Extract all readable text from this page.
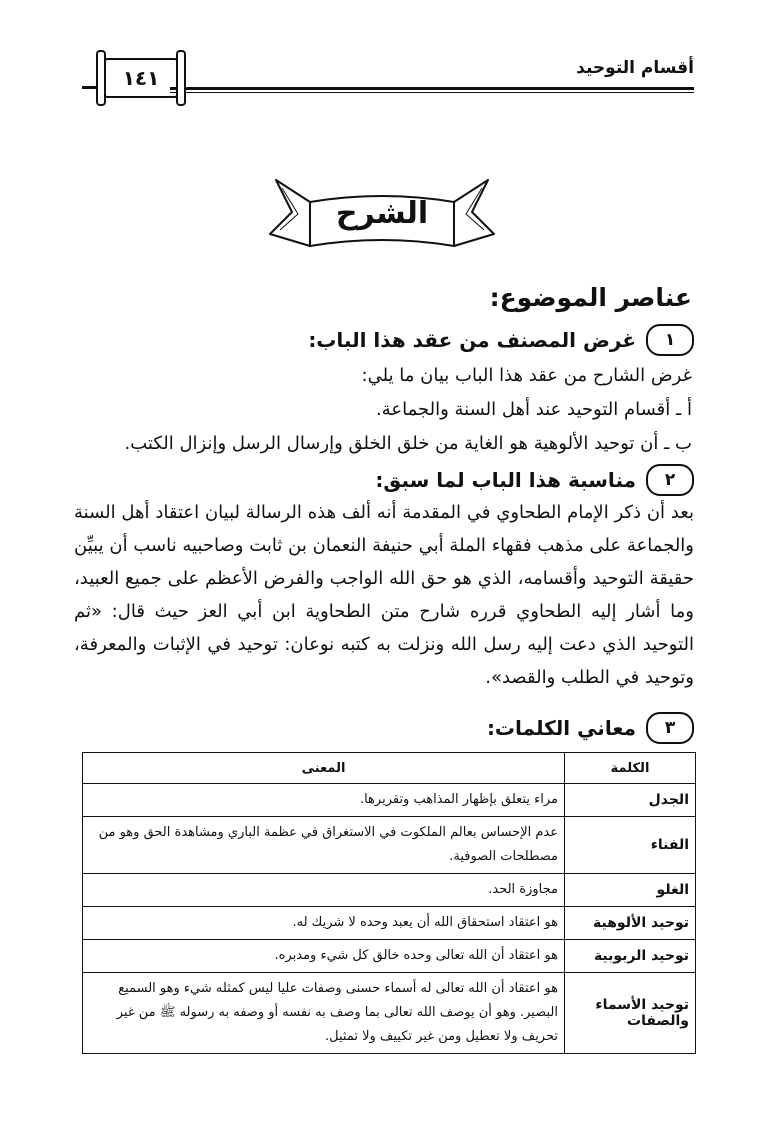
أقسام التوحيد
١٤١
الشرح
عناصر الموضوع:
١
غرض المصنف من عقد هذا الباب:
غرض الشارح من عقد هذا الباب بيان ما يلي:
أ ـ أقسام التوحيد عند أهل السنة والجماعة.
ب ـ أن توحيد الألوهية هو الغاية من خلق الخلق وإرسال الرسل وإنزال الكتب.
٢
مناسبة هذا الباب لما سبق:
بعد أن ذكر الإمام الطحاوي في المقدمة أنه ألف هذه الرسالة لبيان اعتقاد أهل السنة والجماعة على مذهب فقهاء الملة أبي حنيفة النعمان بن ثابت وصاحبيه ناسب أن يبيِّن حقيقة التوحيد وأقسامه، الذي هو حق الله الواجب والفرض الأعظم على جميع العبيد، وما أشار إليه الطحاوي قرره شارح متن الطحاوية ابن أبي العز حيث قال: «ثم التوحيد الذي دعت إليه رسل الله ونزلت به كتبه نوعان: توحيد في الإثبات والمعرفة، وتوحيد في الطلب والقصد».
٣
معاني الكلمات:
الكلمة	المعنى
الجدل	مراء يتعلق بإظهار المذاهب وتقريرها.
الفناء	عدم الإحساس بعالم الملكوت في الاستغراق في عظمة الباري ومشاهدة الحق وهو من مصطلحات الصوفية.
الغلو	مجاوزة الحد.
توحيد الألوهية	هو اعتقاد استحقاق الله أن يعبد وحده لا شريك له.
توحيد الربوبية	هو اعتقاد أن الله تعالى وحده خالق كل شيء ومدبره.
توحيد الأسماء والصفات	هو اعتقاد أن الله تعالى له أسماء حسنى وصفات عليا ليس كمثله شيء وهو السميع البصير. وهو أن يوصف الله تعالى بما وصف به نفسه أو وصفه به رسوله ﷺ من غير تحريف ولا تعطيل ومن غير تكييف ولا تمثيل.
